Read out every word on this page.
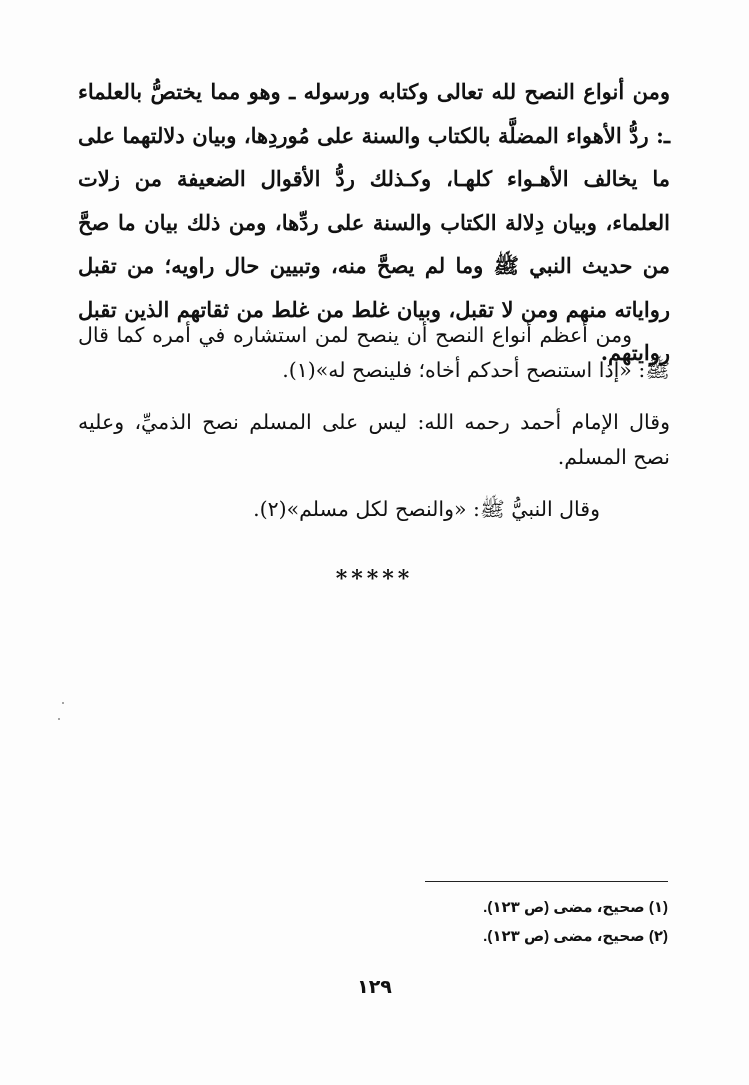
ومن أنواع النصح لله تعالى وكتابه ورسوله ـ وهو مما يختصُّ بالعلماء ـ: ردُّ الأهواء المضلَّة بالكتاب والسنة على مُوردِها، وبيان دلالتهما على ما يخالف الأهـواء كلهـا، وكـذلك ردُّ الأقوال الضعيفة من زلات العلماء، وبيان دِلالة الكتاب والسنة على ردِّها، ومن ذلك بيان ما صحَّ من حديث النبي ﷺ وما لم يصحَّ منه، وتبيين حال راويه؛ من تقبل رواياته منهم ومن لا تقبل، وبيان غلط من غلط من ثقاتهم الذين تقبل روايتهم.

ومن أعظم أنواع النصح أن ينصح لمن استشاره في أمره كما قال ﷺ: «إذا استنصح أحدكم أخاه؛ فلينصح له»(١).

وقال الإمام أحمد رحمه الله: ليس على المسلم نصح الذميِّ، وعليه نصح المسلم.

وقال النبيُّ ﷺ: «والنصح لكل مسلم»(٢).

*****
(١) صحيح، مضى (ص ١٢٣).
(٢) صحيح، مضى (ص ١٢٣).
١٢٩
